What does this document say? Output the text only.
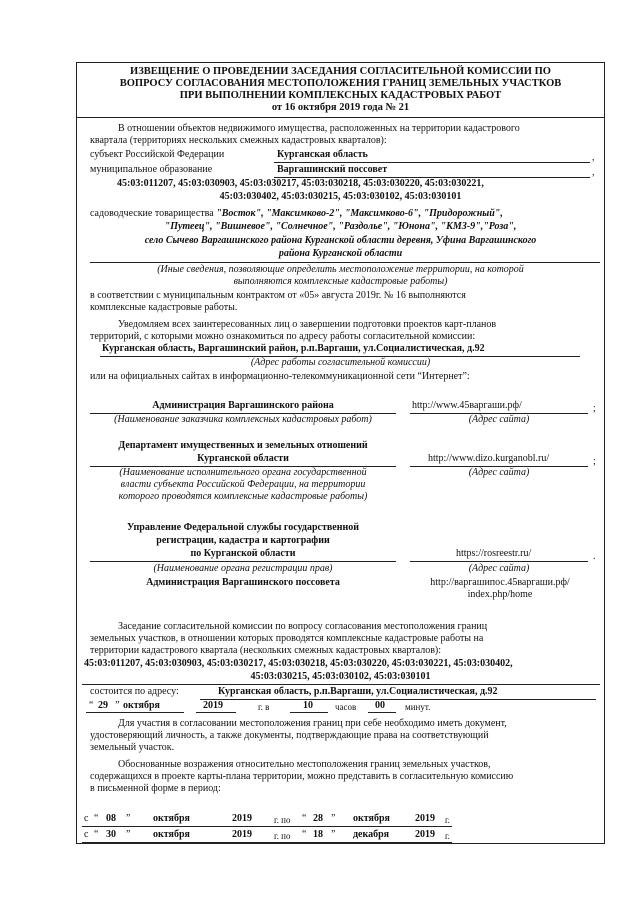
ИЗВЕЩЕНИЕ О ПРОВЕДЕНИИ ЗАСЕДАНИЯ СОГЛАСИТЕЛЬНОЙ КОМИССИИ ПО
ВОПРОСУ СОГЛАСОВАНИЯ МЕСТОПОЛОЖЕНИЯ ГРАНИЦ ЗЕМЕЛЬНЫХ УЧАСТКОВ
ПРИ ВЫПОЛНЕНИИ КОМПЛЕКСНЫХ КАДАСТРОВЫХ РАБОТ
от 16 октября 2019 года № 21
В отношении объектов недвижимого имущества, расположенных на территории кадастрового
квартала (территориях нескольких смежных кадастровых кварталов):
субъект Российской Федерации	Курганская область	,
муниципальное образование	Варгашинский поссовет	,
45:03:011207, 45:03:030903, 45:03:030217, 45:03:030218, 45:03:030220, 45:03:030221,
45:03:030402, 45:03:030215, 45:03:030102, 45:03:030101
садоводческие товарищества "Восток", "Максимково-2", "Максимково-6", "Придорожный",
"Путеец", "Вишневое", "Солнечное", "Раздолье", "Юнона", "КМЗ-9","Роза",
село Сычево Варгашинского района Курганской области деревня, Уфина Варгашинского
района Курганской области
(Иные сведения, позволяющие определить местоположение территории, на которой
выполняются комплексные кадастровые работы)
в соответствии с муниципальным контрактом от «05» августа 2019г. № 16 выполняются
комплексные кадастровые работы.
Уведомляем всех заинтересованных лиц о завершении подготовки проектов карт-планов
территорий, с которыми можно ознакомиться по адресу работы согласительной комиссии:
Курганская область, Варгашинский район, р.п.Варгаши, ул.Социалистическая, д.92
(Адрес работы согласительной комиссии)
или на официальных сайтах в информационно-телекоммуникационной сети “Интернет”:
Администрация Варгашинского района
(Наименование заказчика комплексных кадастровых работ)
http://www.45варгаши.рф/	;
(Адрес сайта)
Департамент имущественных и земельных отношений
Курганской области
(Наименование исполнительного органа государственной
власти субъекта Российской Федерации, на территории
которого проводятся комплексные кадастровые работы)
http://www.dizo.kurganobl.ru/	;
(Адрес сайта)
Управление Федеральной службы государственной
регистрации, кадастра и картографии
по Курганской области
(Наименование органа регистрации прав)
https://rosreestr.ru/	.
(Адрес сайта)
Администрация Варгашинского поссовета	http://варгашипос.45варгаши.рф/
index.php/home
Заседание согласительной комиссии по вопросу согласования местоположения границ
земельных участков, в отношении которых проводятся комплексные кадастровые работы на
территории кадастрового квартала (нескольких смежных кадастровых кварталов):
45:03:011207, 45:03:030903, 45:03:030217, 45:03:030218, 45:03:030220, 45:03:030221, 45:03:030402,
45:03:030215, 45:03:030102, 45:03:030101
состоится по адресу:	Курганская область, р.п.Варгаши, ул.Социалистическая, д.92
“ 29 ” октября	2019	г. в	10 часов 00 минут.
Для участия в согласовании местоположения границ при себе необходимо иметь документ,
удостоверяющий личность, а также документы, подтверждающие права на соответствующий
земельный участок.
Обоснованные возражения относительно местоположения границ земельных участков,
содержащихся в проекте карты-плана территории, можно представить в согласительную комиссию
в письменной форме в период:
с “ 08 ” октября	2019 г. по “ 28 ” октября	2019 г.
с “ 30 ” октября	2019 г. по “ 18 ” декабря	2019 г.
